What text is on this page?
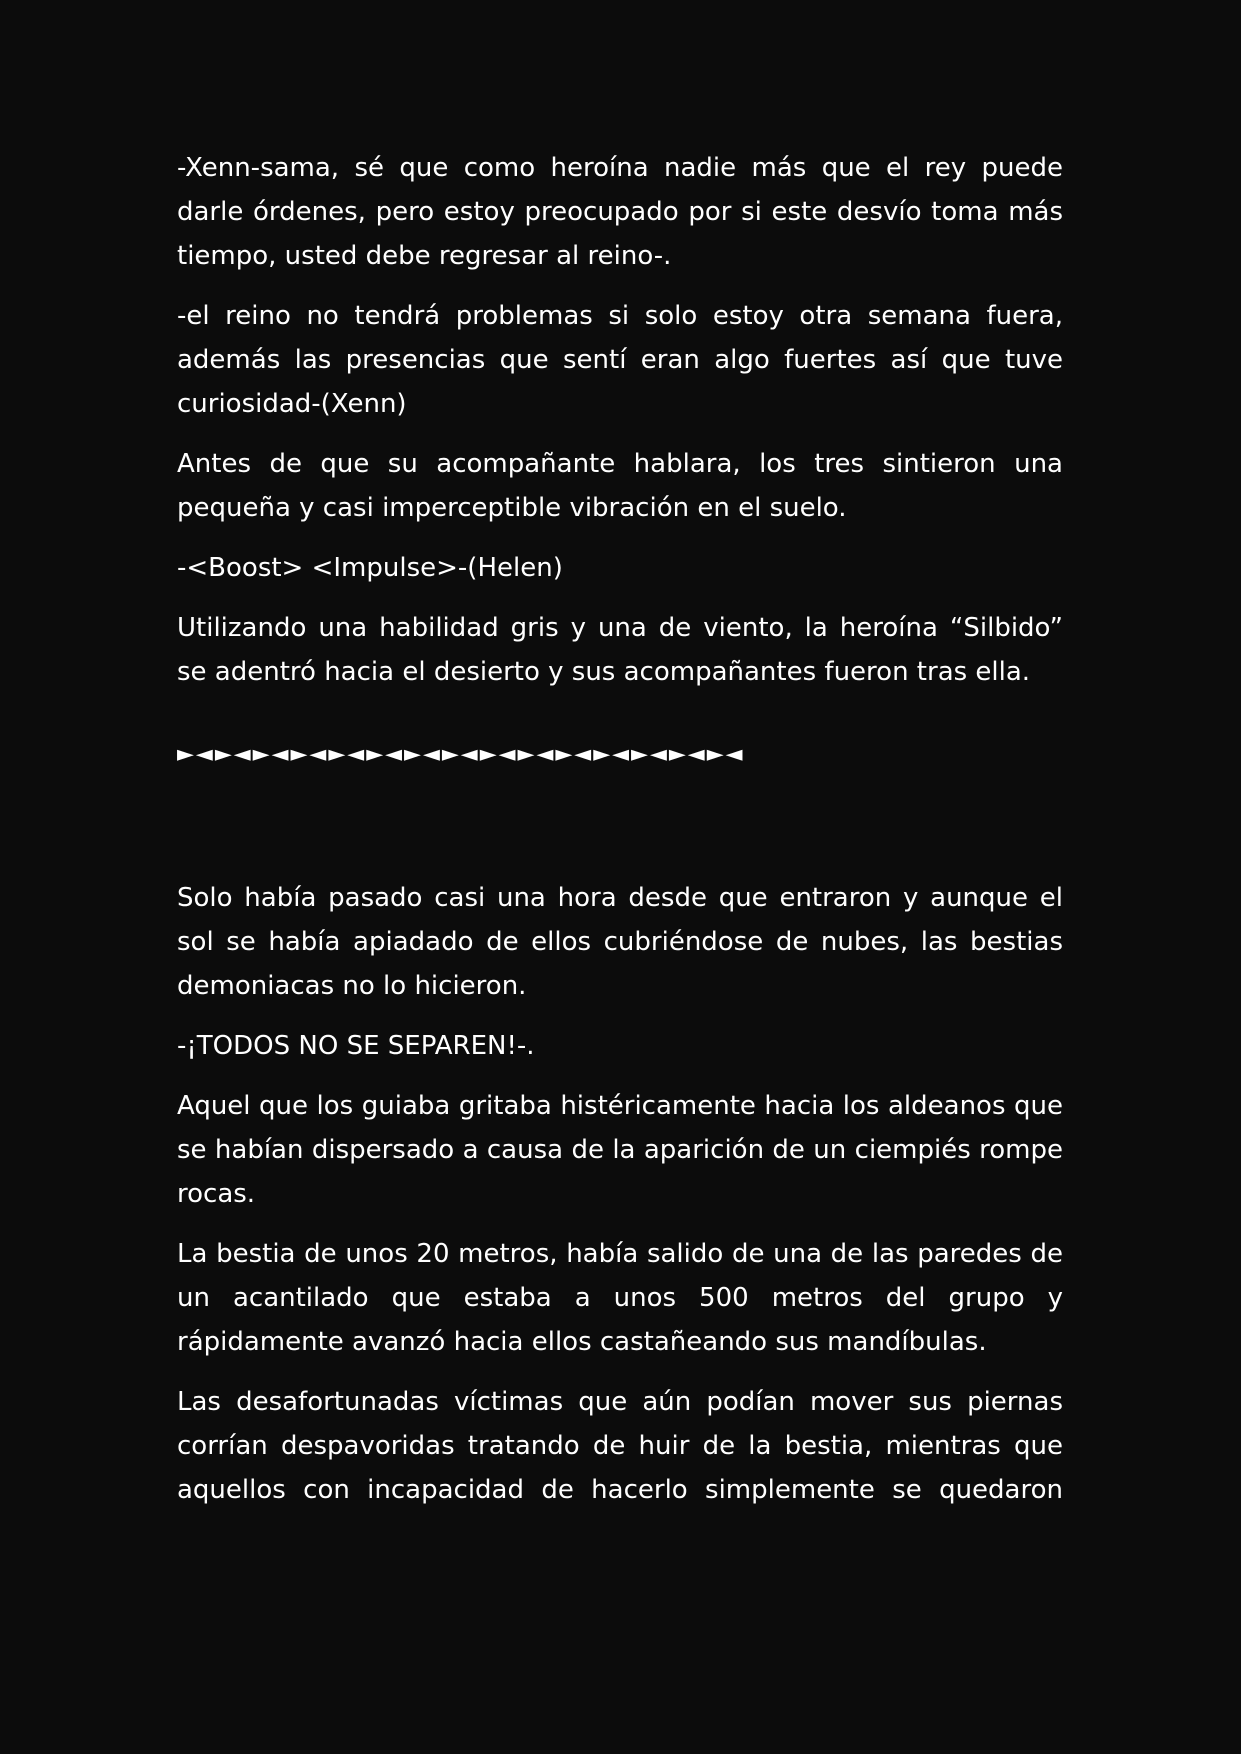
-Xenn-sama, sé que como heroína nadie más que el rey puede darle órdenes, pero estoy preocupado por si este desvío toma más tiempo, usted debe regresar al reino-.

-el reino no tendrá problemas si solo estoy otra semana fuera, además las presencias que sentí eran algo fuertes así que tuve curiosidad-(Xenn)

Antes de que su acompañante hablara, los tres sintieron una pequeña y casi imperceptible vibración en el suelo.

-<Boost> <Impulse>-(Helen)

Utilizando una habilidad gris y una de viento, la heroína “Silbido” se adentró hacia el desierto y sus acompañantes fueron tras ella.

►◄►◄►◄►◄►◄►◄►◄►◄►◄►◄►◄►◄►◄►◄►◄

Solo había pasado casi una hora desde que entraron y aunque el sol se había apiadado de ellos cubriéndose de nubes, las bestias demoniacas no lo hicieron.

-¡TODOS NO SE SEPAREN!-.

Aquel que los guiaba gritaba histéricamente hacia los aldeanos que se habían dispersado a causa de la aparición de un ciempiés rompe rocas.

La bestia de unos 20 metros, había salido de una de las paredes de un acantilado que estaba a unos 500 metros del grupo y rápidamente avanzó hacia ellos castañeando sus mandíbulas.

Las desafortunadas víctimas que aún podían mover sus piernas corrían despavoridas tratando de huir de la bestia, mientras que aquellos con incapacidad de hacerlo simplemente se quedaron
